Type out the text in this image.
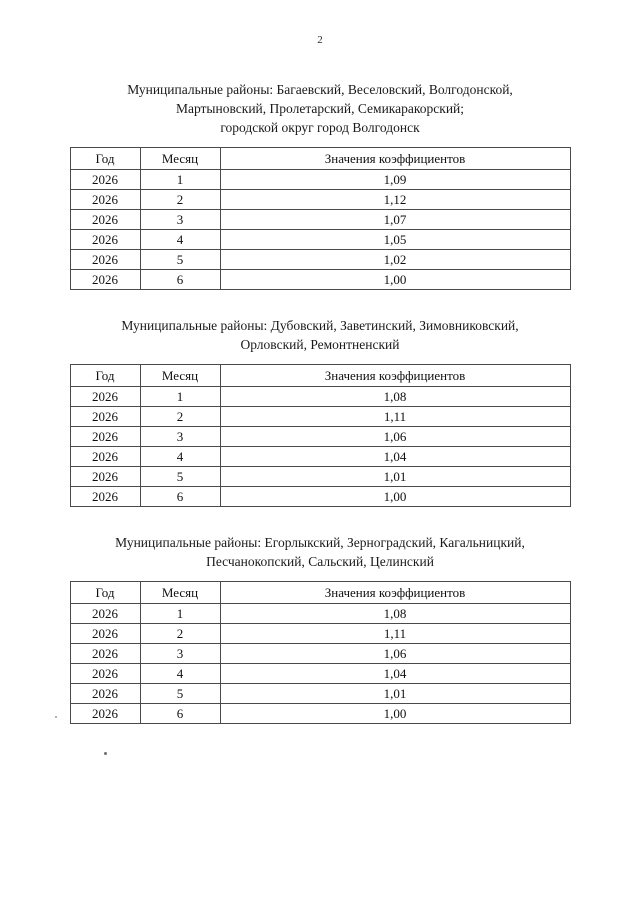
2
Муниципальные районы: Багаевский, Веселовский, Волгодонской,
Мартыновский, Пролетарский, Семикаракорский;
городской округ город Волгодонск
Год	Месяц	Значения коэффициентов
2026	1	1,09
2026	2	1,12
2026	3	1,07
2026	4	1,05
2026	5	1,02
2026	6	1,00
Муниципальные районы: Дубовский, Заветинский, Зимовниковский,
Орловский, Ремонтненский
Год	Месяц	Значения коэффициентов
2026	1	1,08
2026	2	1,11
2026	3	1,06
2026	4	1,04
2026	5	1,01
2026	6	1,00
Муниципальные районы: Егорлыкский, Зерноградский, Кагальницкий,
Песчанокопский, Сальский, Целинский
Год	Месяц	Значения коэффициентов
2026	1	1,08
2026	2	1,11
2026	3	1,06
2026	4	1,04
2026	5	1,01
2026	6	1,00
